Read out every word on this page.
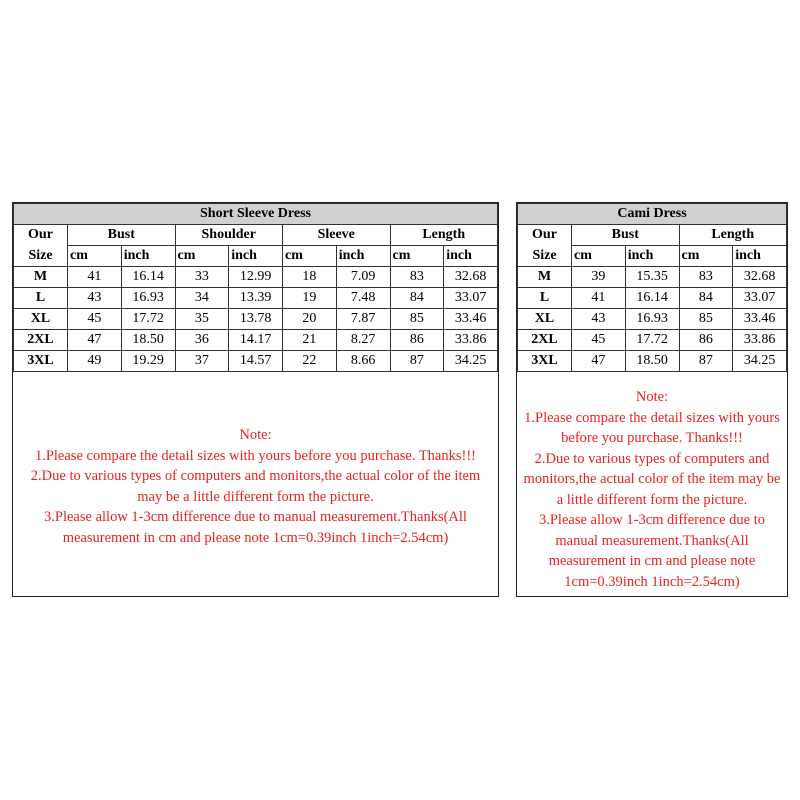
Short Sleeve Dress								
Our	Bust		Shoulder		Sleeve		Length	
Size	cm	inch	cm	inch	cm	inch	cm	inch
M	41	16.14	33	12.99	18	7.09	83	32.68
L	43	16.93	34	13.39	19	7.48	84	33.07
XL	45	17.72	35	13.78	20	7.87	85	33.46
2XL	47	18.50	36	14.17	21	8.27	86	33.86
3XL	49	19.29	37	14.57	22	8.66	87	34.25
Note:
1.Please compare the detail sizes with yours before you purchase. Thanks!!!
2.Due to various types of computers and monitors,the actual color of the item may be a little different form the picture.
3.Please allow 1-3cm difference due to manual measurement.Thanks(All measurement in cm and please note 1cm=0.39inch 1inch=2.54cm)
Cami Dress				
Our	Bust		Length	
Size	cm	inch	cm	inch
M	39	15.35	83	32.68
L	41	16.14	84	33.07
XL	43	16.93	85	33.46
2XL	45	17.72	86	33.86
3XL	47	18.50	87	34.25
Note:
1.Please compare the detail sizes with yours before you purchase. Thanks!!!
2.Due to various types of computers and monitors,the actual color of the item may be a little different form the picture.
3.Please allow 1-3cm difference due to manual measurement.Thanks(All measurement in cm and please note 1cm=0.39inch 1inch=2.54cm)
